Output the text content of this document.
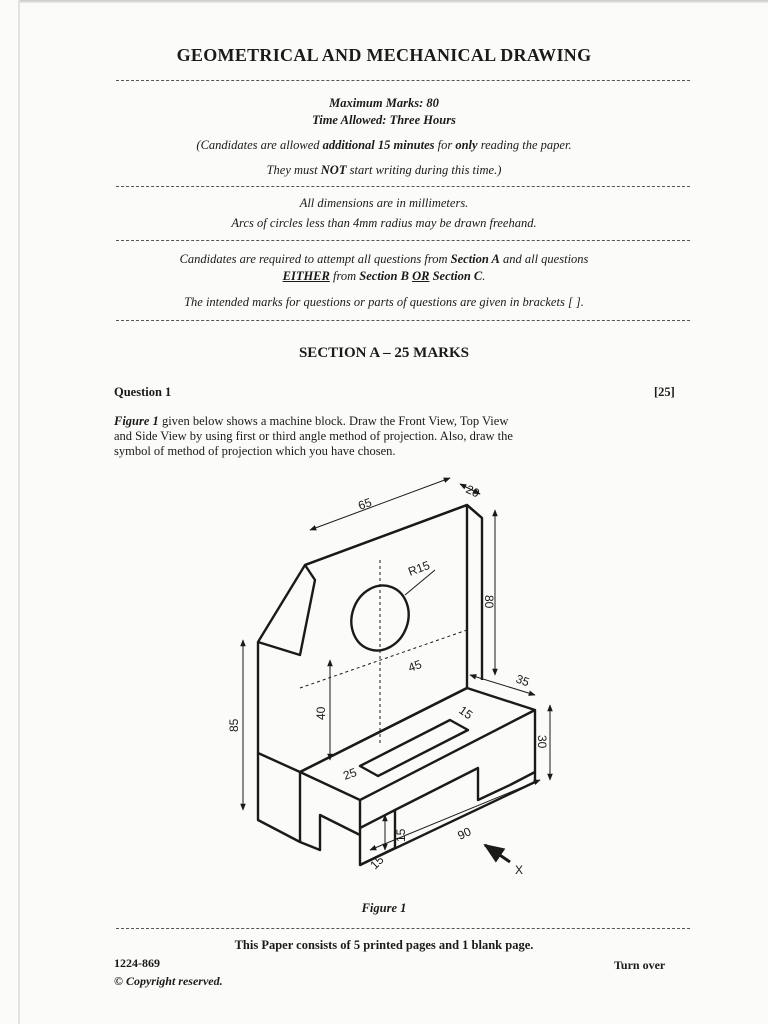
GEOMETRICAL AND MECHANICAL DRAWING
Maximum Marks: 80
Time Allowed: Three Hours
(Candidates are allowed additional 15 minutes for only reading the paper.
They must NOT start writing during this time.)
All dimensions are in millimeters.
Arcs of circles less than 4mm radius may be drawn freehand.
Candidates are required to attempt all questions from Section A and all questions
EITHER from Section B OR Section C.
The intended marks for questions or parts of questions are given in brackets [ ].
SECTION A – 25 MARKS
Question 1	[25]
Figure 1 given below shows a machine block. Draw the Front View, Top View
and Side View by using first or third angle method of projection. Also, draw the
symbol of method of projection which you have chosen.
65
20
R15
80
45
85
40
35
15
30
25
15	90
15	X
Figure 1
This Paper consists of 5 printed pages and 1 blank page.
1224-869
© Copyright reserved.
Turn over
